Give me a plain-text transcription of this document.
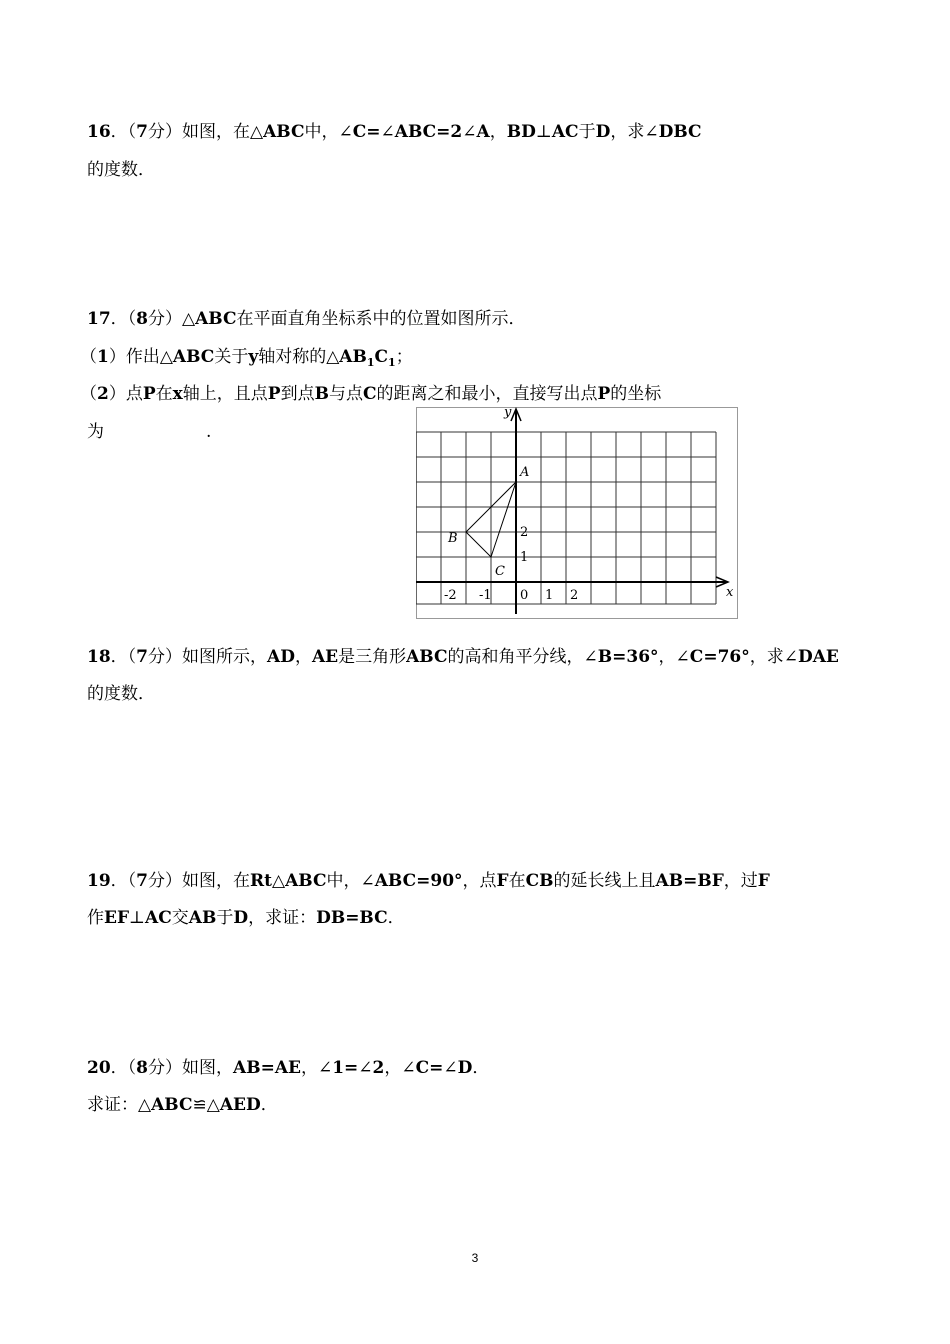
16．（7分）如图，在△ABC中，∠C=∠ABC=2∠A，BD⊥AC于D，求∠DBC
的度数．
17．（8分）△ABC在平面直角坐标系中的位置如图所示．
（1）作出△ABC关于y轴对称的$\triangle AB_1C_1$；
（2）点P在x轴上，且点P到点B与点C的距离之和最小，直接写出点P的坐标
为　　　　　　.
A
B
C
-2 -1 0 1 2
1
2
x
y
18．（7分）如图所示，AD，AE是三角形ABC的高和角平分线，∠B=36°，∠C=76°，求∠DAE
的度数．
19．（7分）如图，在Rt△ABC中，∠ABC=90°，点F在CB的延长线上且AB=BF，过F
作EF⊥AC交AB于D，求证：DB=BC．
20．（8分）如图，AB=AE，∠1=∠2，∠C=∠D．
求证：△ABC≌△AED．
3
